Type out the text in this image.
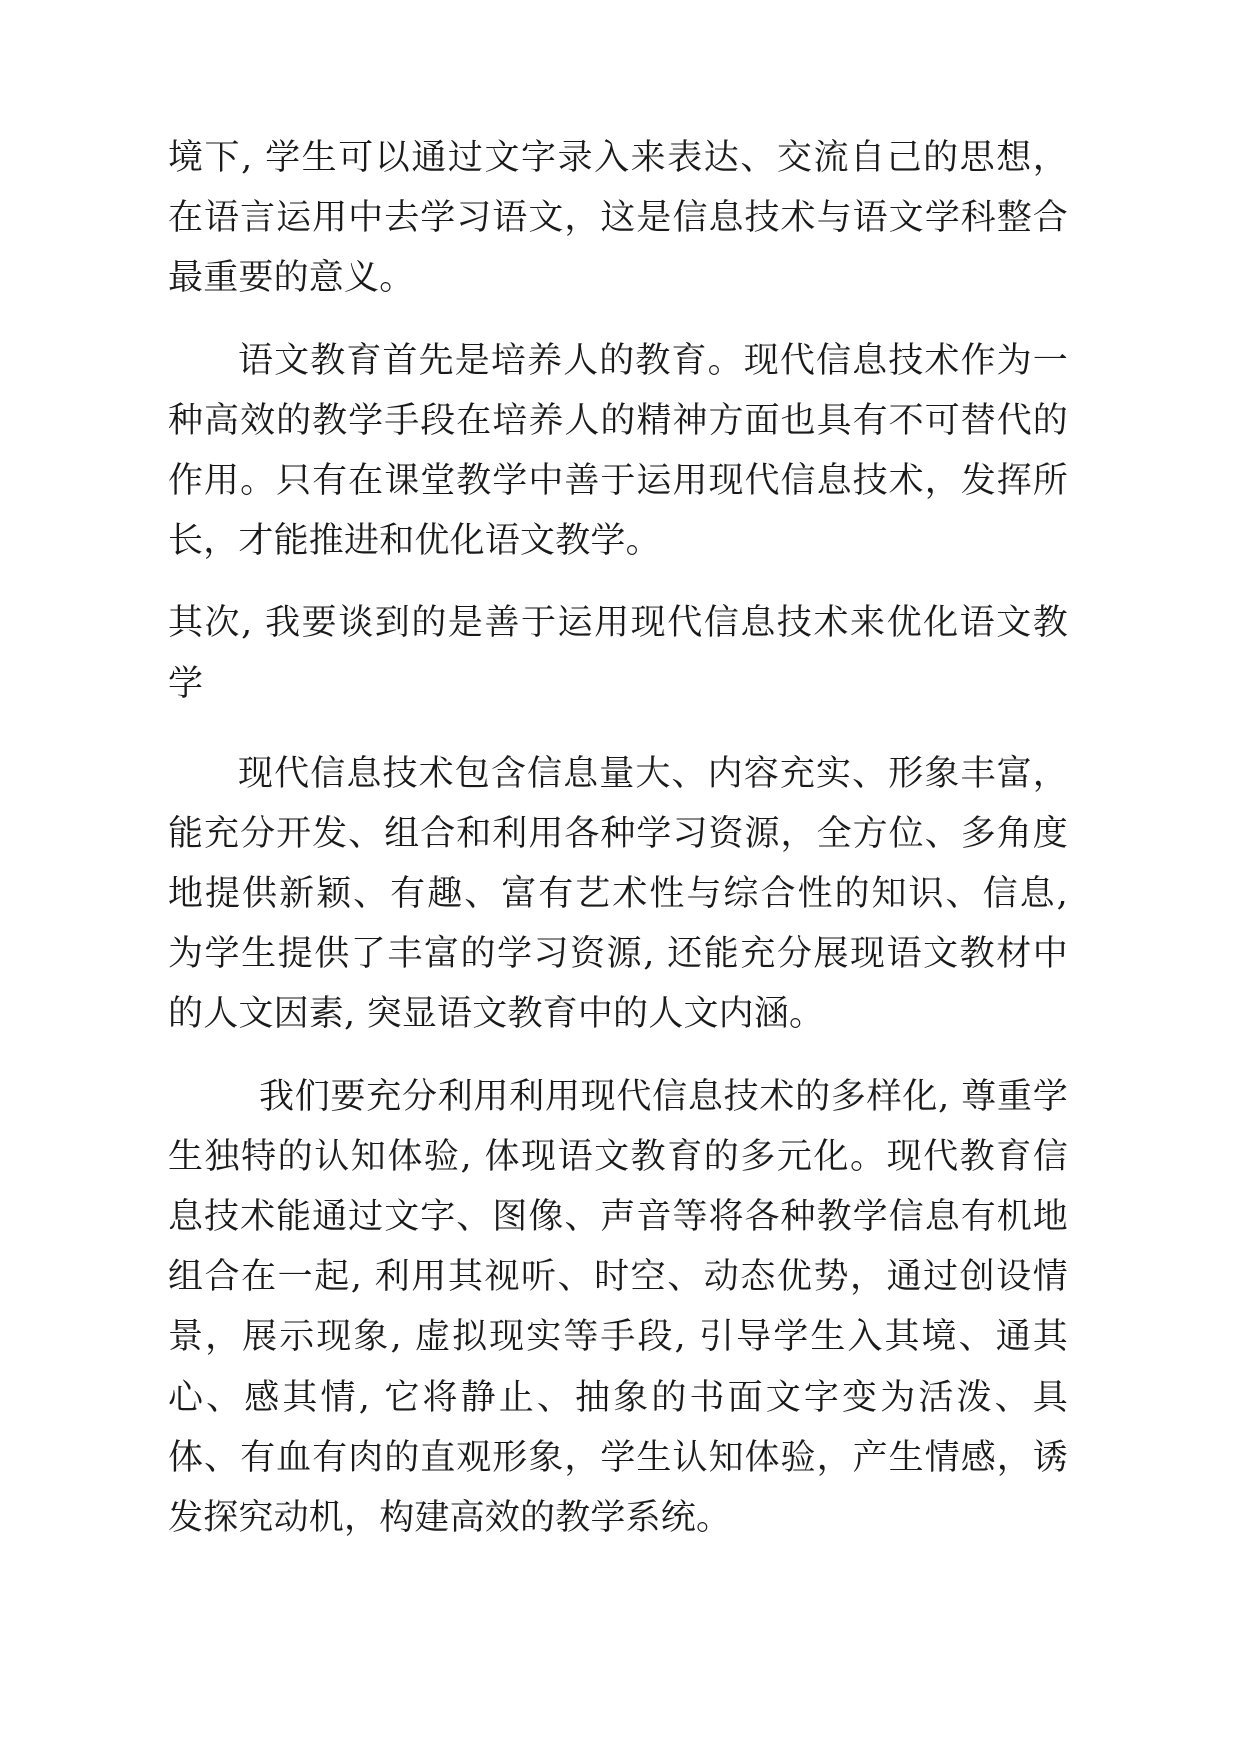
境下, 学生可以通过文字录入来表达、交流自己的思想，在语言运用中去学习语文，这是信息技术与语文学科整合最重要的意义。

语文教育首先是培养人的教育。现代信息技术作为一种高效的教学手段在培养人的精神方面也具有不可替代的作用。只有在课堂教学中善于运用现代信息技术，发挥所长，才能推进和优化语文教学。

其次, 我要谈到的是善于运用现代信息技术来优化语文教学

现代信息技术包含信息量大、内容充实、形象丰富，能充分开发、组合和利用各种学习资源，全方位、多角度地提供新颖、有趣、富有艺术性与综合性的知识、信息, 为学生提供了丰富的学习资源, 还能充分展现语文教材中的人文因素, 突显语文教育中的人文内涵。

我们要充分利用利用现代信息技术的多样化, 尊重学生独特的认知体验, 体现语文教育的多元化。现代教育信息技术能通过文字、图像、声音等将各种教学信息有机地组合在一起, 利用其视听、时空、动态优势，通过创设情景，展示现象, 虚拟现实等手段, 引导学生入其境、通其心、感其情, 它将静止、抽象的书面文字变为活泼、具体、有血有肉的直观形象，学生认知体验，产生情感，诱发探究动机，构建高效的教学系统。
